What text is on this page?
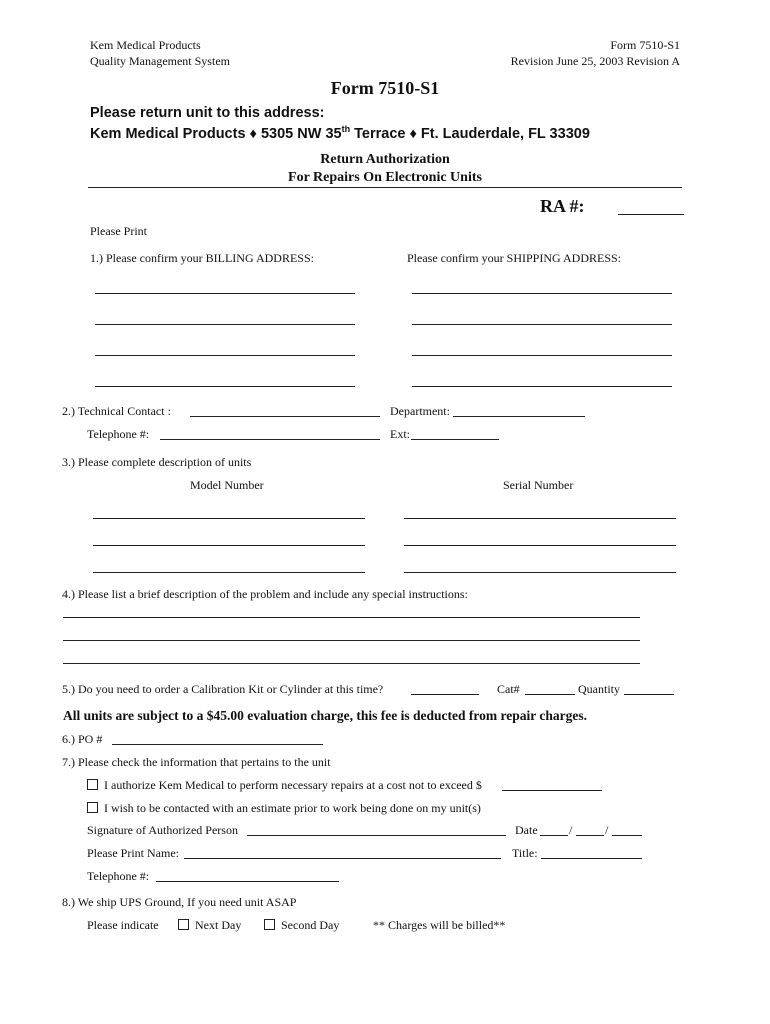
Kem Medical Products
Quality Management System
Form 7510-S1
Revision June 25, 2003 Revision A
Form 7510-S1
Please return unit to this address:
Kem Medical Products ♦ 5305 NW 35th Terrace ♦ Ft. Lauderdale, FL 33309
Return Authorization
For Repairs On Electronic Units
RA #:
Please Print
1.) Please confirm your BILLING ADDRESS:	Please confirm your SHIPPING ADDRESS:
2.) Technical Contact :	Department:
Telephone #:	Ext:
3.) Please complete description of units
Model Number	Serial Number
4.) Please list a brief description of the problem and include any special instructions:
5.) Do you need to order a Calibration Kit or Cylinder at this time?	Cat#	Quantity
All units are subject to a $45.00 evaluation charge, this fee is deducted from repair charges.
6.) PO #
7.) Please check the information that pertains to the unit
I authorize Kem Medical to perform necessary repairs at a cost not to exceed $
I wish to be contacted with an estimate prior to work being done on my unit(s)
Signature of Authorized Person	Date	/	/
Please Print Name:	Title:
Telephone #:
8.) We ship UPS Ground, If you need unit ASAP
Please indicate	Next Day	Second Day	** Charges will be billed**
